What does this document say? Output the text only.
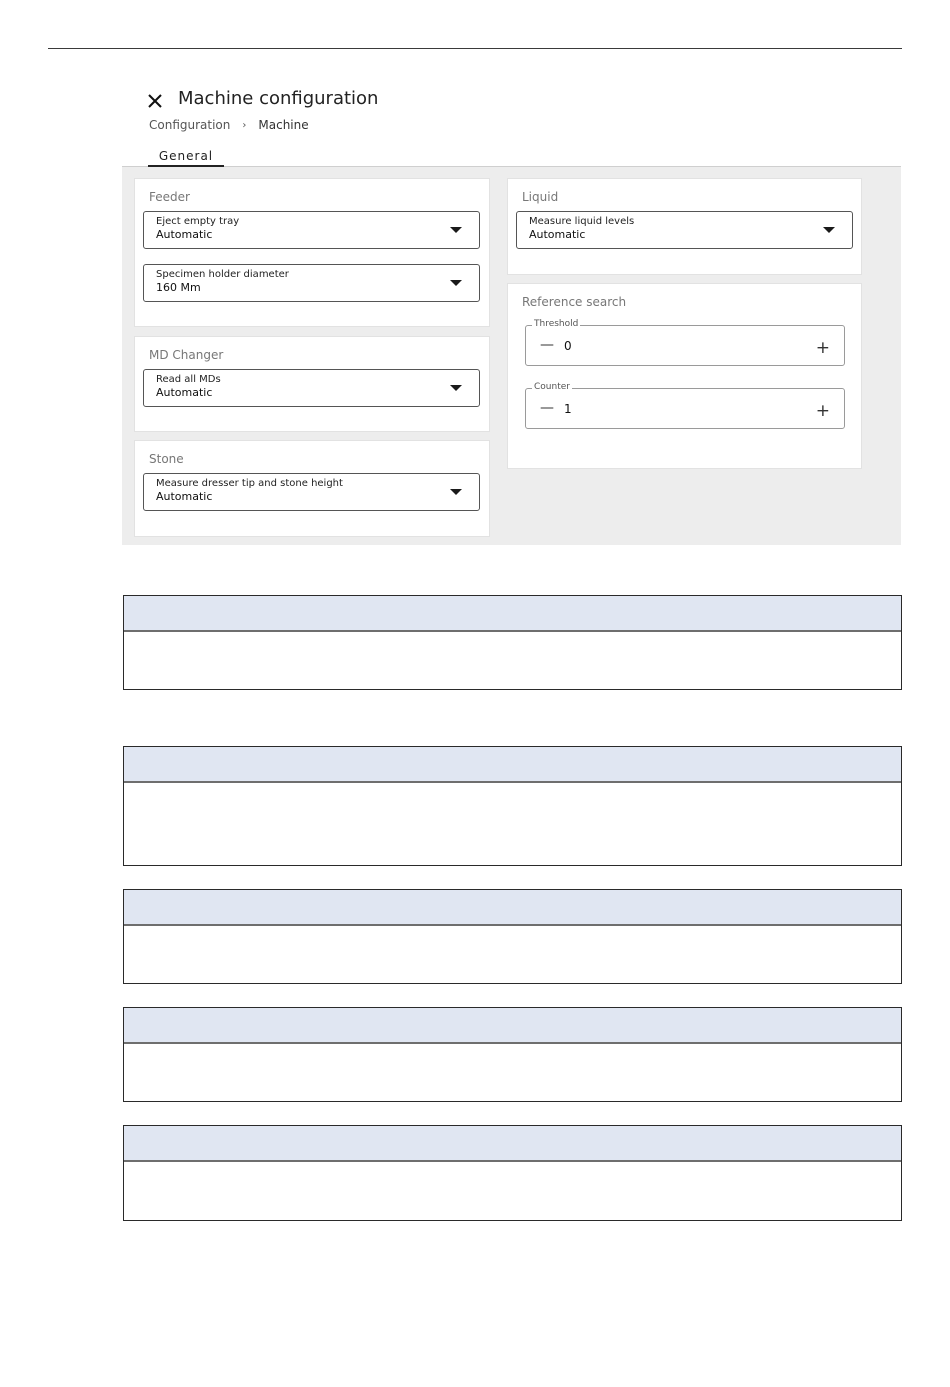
Machine configuration
Configuration › Machine
General
Feeder
Eject empty tray
Automatic
Specimen holder diameter
160 Mm
MD Changer
Read all MDs
Automatic
Stone
Measure dresser tip and stone height
Automatic
Liquid
Measure liquid levels
Automatic
Reference search
Threshold
— 0	+
Counter
— 1	+
